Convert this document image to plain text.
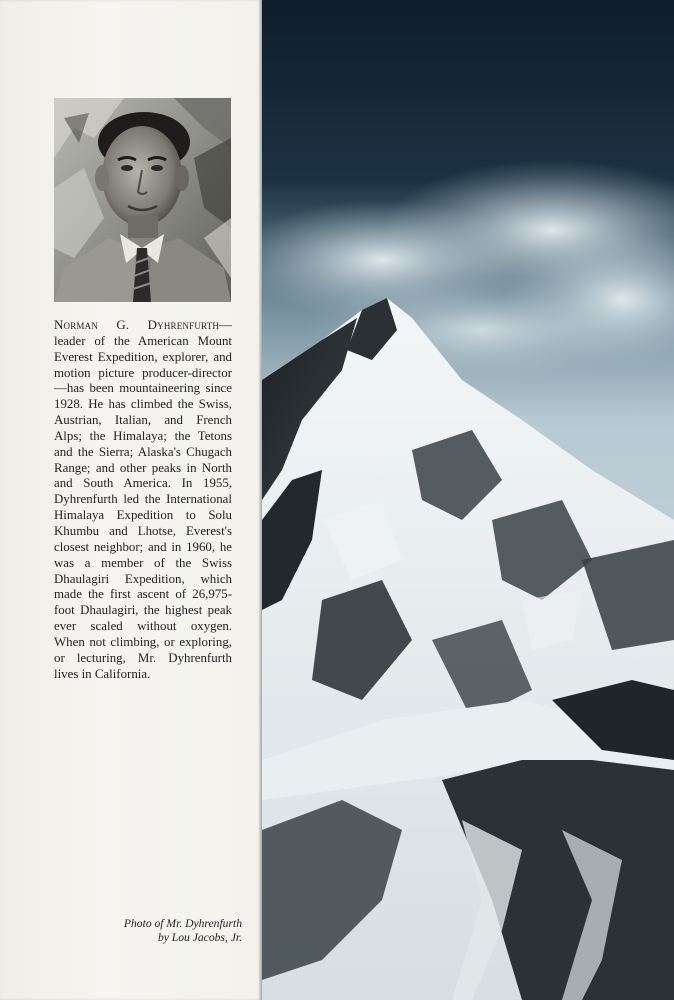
Norman G. Dyhrenfurth—leader of the American Mount Everest Expedition, explorer, and motion picture producer-director—has been mountaineering since 1928. He has climbed the Swiss, Austrian, Italian, and French Alps; the Himalaya; the Tetons and the Sierra; Alaska's Chugach Range; and other peaks in North and South America. In 1955, Dyhrenfurth led the International Himalaya Expedition to Solu Khumbu and Lhotse, Everest's closest neighbor; and in 1960, he was a member of the Swiss Dhaulagiri Expedition, which made the first ascent of 26,975-foot Dhaulagiri, the highest peak ever scaled without oxygen. When not climbing, or exploring, or lecturing, Mr. Dyhrenfurth lives in California.

Photo of Mr. Dyhrenfurth
by Lou Jacobs, Jr.
